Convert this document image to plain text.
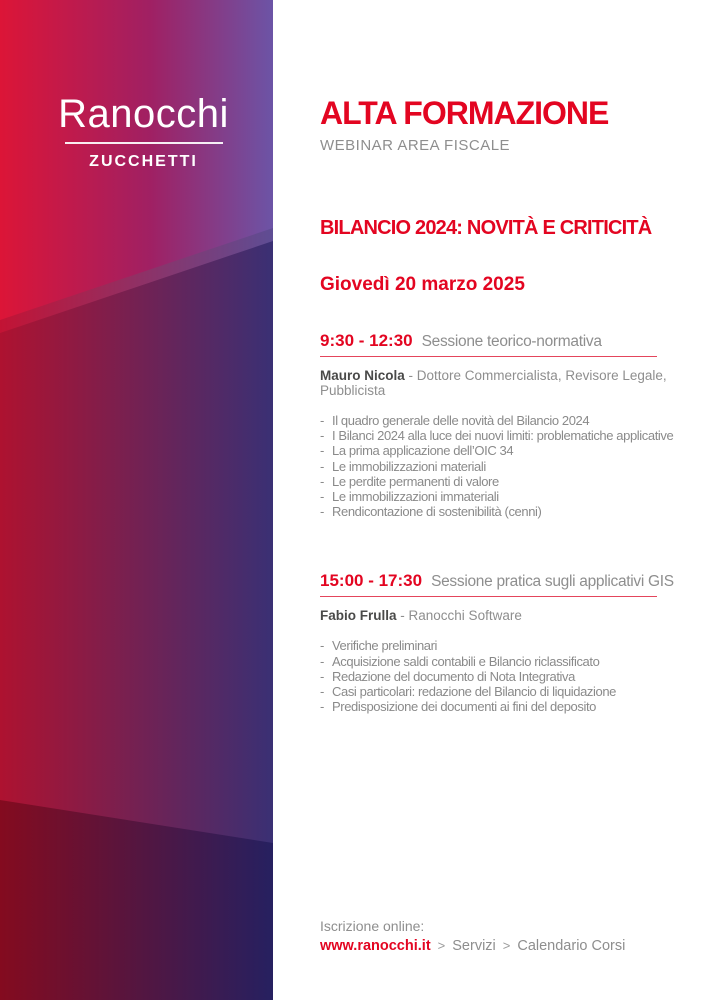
Ranocchi
ZUCCHETTI
ALTA FORMAZIONE
WEBINAR AREA FISCALE
BILANCIO 2024: NOVITÀ E CRITICITÀ
Giovedì 20 marzo 2025
9:30 - 12:30 Sessione teorico-normativa

Mauro Nicola - Dottore Commercialista, Revisore Legale, Pubblicista

- Il quadro generale delle novità del Bilancio 2024
- I Bilanci 2024 alla luce dei nuovi limiti: problematiche applicative
- La prima applicazione dell’OIC 34
- Le immobilizzazioni materiali
- Le perdite permanenti di valore
- Le immobilizzazioni immateriali
- Rendicontazione di sostenibilità (cenni)
15:00 - 17:30 Sessione pratica sugli applicativi GIS

Fabio Frulla - Ranocchi Software

- Verifiche preliminari
- Acquisizione saldi contabili e Bilancio riclassificato
- Redazione del documento di Nota Integrativa
- Casi particolari: redazione del Bilancio di liquidazione
- Predisposizione dei documenti ai fini del deposito
Iscrizione online:
www.ranocchi.it > Servizi > Calendario Corsi
